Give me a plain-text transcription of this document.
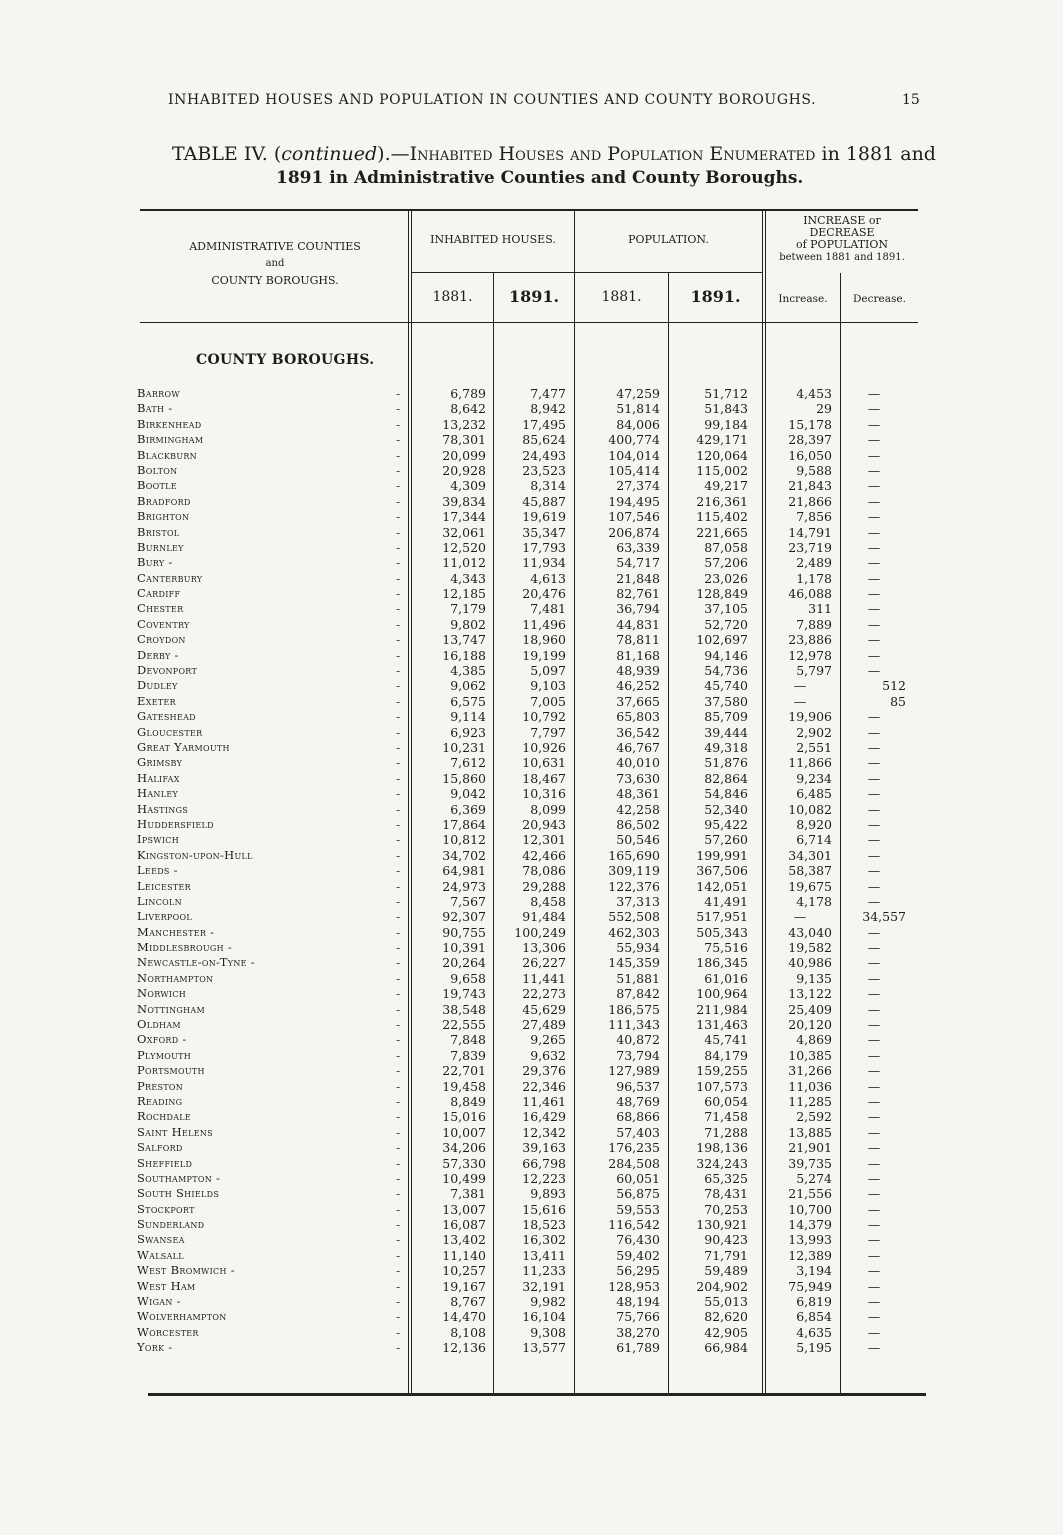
INHABITED HOUSES AND POPULATION IN COUNTIES AND COUNTY BOROUGHS.	15
TABLE IV. (continued).—Inhabited Houses and Population Enumerated in 1881 and
1891 in Administrative Counties and County Boroughs.
ADMINISTRATIVE COUNTIES
and
COUNTY BOROUGHS.
INHABITED HOUSES.	POPULATION.
INCREASE or
DECREASE
of POPULATION
between 1881 and 1891.
1881.	1891.	1881.	1891.	Increase.	Decrease.
COUNTY BOROUGHS.
Barrow	6,789	7,477	47,259	51,712	4,453	—
-
Bath -	8,642	8,942	51,814	51,843	29	—
-
Birkenhead	13,232	17,495	84,006	99,184	15,178	—
-
Birmingham	78,301	85,624	400,774	429,171	28,397	—
-
Blackburn	20,099	24,493	104,014	120,064	16,050	—
-
Bolton	20,928	23,523	105,414	115,002	9,588	—
-
Bootle	4,309	8,314	27,374	49,217	21,843	—
-
Bradford	39,834	45,887	194,495	216,361	21,866	—
-
Brighton	17,344	19,619	107,546	115,402	7,856	—
-
Bristol	32,061	35,347	206,874	221,665	14,791	—
-
Burnley	12,520	17,793	63,339	87,058	23,719	—
-
Bury -	11,012	11,934	54,717	57,206	2,489	—
-
Canterbury	4,343	4,613	21,848	23,026	1,178	—
-
Cardiff	12,185	20,476	82,761	128,849	46,088	—
-
Chester	7,179	7,481	36,794	37,105	311	—
-
Coventry	9,802	11,496	44,831	52,720	7,889	—
-
Croydon	13,747	18,960	78,811	102,697	23,886	—
-
Derby -	16,188	19,199	81,168	94,146	12,978	—
-
Devonport	4,385	5,097	48,939	54,736	5,797	—
-
Dudley	9,062	9,103	46,252	45,740	—	512
-
Exeter	6,575	7,005	37,665	37,580	—	85
-
Gateshead	9,114	10,792	65,803	85,709	19,906	—
-
Gloucester	6,923	7,797	36,542	39,444	2,902	—
-
Great Yarmouth	10,231	10,926	46,767	49,318	2,551	—
-
Grimsby	7,612	10,631	40,010	51,876	11,866	—
-
Halifax	15,860	18,467	73,630	82,864	9,234	—
-
Hanley	9,042	10,316	48,361	54,846	6,485	—
-
Hastings	6,369	8,099	42,258	52,340	10,082	—
-
Huddersfield	17,864	20,943	86,502	95,422	8,920	—
-
Ipswich	10,812	12,301	50,546	57,260	6,714	—
-
Kingston-upon-Hull	34,702	42,466	165,690	199,991	34,301	—
-
Leeds -	64,981	78,086	309,119	367,506	58,387	—
-
Leicester	24,973	29,288	122,376	142,051	19,675	—
-
Lincoln	7,567	8,458	37,313	41,491	4,178	—
-
Liverpool	92,307	91,484	552,508	517,951	—	34,557
-
Manchester -	90,755	100,249	462,303	505,343	43,040	—
-
Middlesbrough -	10,391	13,306	55,934	75,516	19,582	—
-
Newcastle-on-Tyne -	20,264	26,227	145,359	186,345	40,986	—
-
Northampton	9,658	11,441	51,881	61,016	9,135	—
-
Norwich	19,743	22,273	87,842	100,964	13,122	—
-
Nottingham	38,548	45,629	186,575	211,984	25,409	—
-
Oldham	22,555	27,489	111,343	131,463	20,120	—
-
Oxford -	7,848	9,265	40,872	45,741	4,869	—
-
Plymouth	7,839	9,632	73,794	84,179	10,385	—
-
Portsmouth	22,701	29,376	127,989	159,255	31,266	—
-
Preston	19,458	22,346	96,537	107,573	11,036	—
-
Reading	8,849	11,461	48,769	60,054	11,285	—
-
Rochdale	15,016	16,429	68,866	71,458	2,592	—
-
Saint Helens	10,007	12,342	57,403	71,288	13,885	—
-
Salford	34,206	39,163	176,235	198,136	21,901	—
-
Sheffield	57,330	66,798	284,508	324,243	39,735	—
-
Southampton -	10,499	12,223	60,051	65,325	5,274	—
-
South Shields	7,381	9,893	56,875	78,431	21,556	—
-
Stockport	13,007	15,616	59,553	70,253	10,700	—
-
Sunderland	16,087	18,523	116,542	130,921	14,379	—
-
Swansea	13,402	16,302	76,430	90,423	13,993	—
-
Walsall	11,140	13,411	59,402	71,791	12,389	—
-
West Bromwich -	10,257	11,233	56,295	59,489	3,194	—
-
West Ham	19,167	32,191	128,953	204,902	75,949	—
-
Wigan -	8,767	9,982	48,194	55,013	6,819	—
-
Wolverhampton	14,470	16,104	75,766	82,620	6,854	—
-
Worcester	8,108	9,308	38,270	42,905	4,635	—
-
York -	12,136	13,577	61,789	66,984	5,195	—
-
